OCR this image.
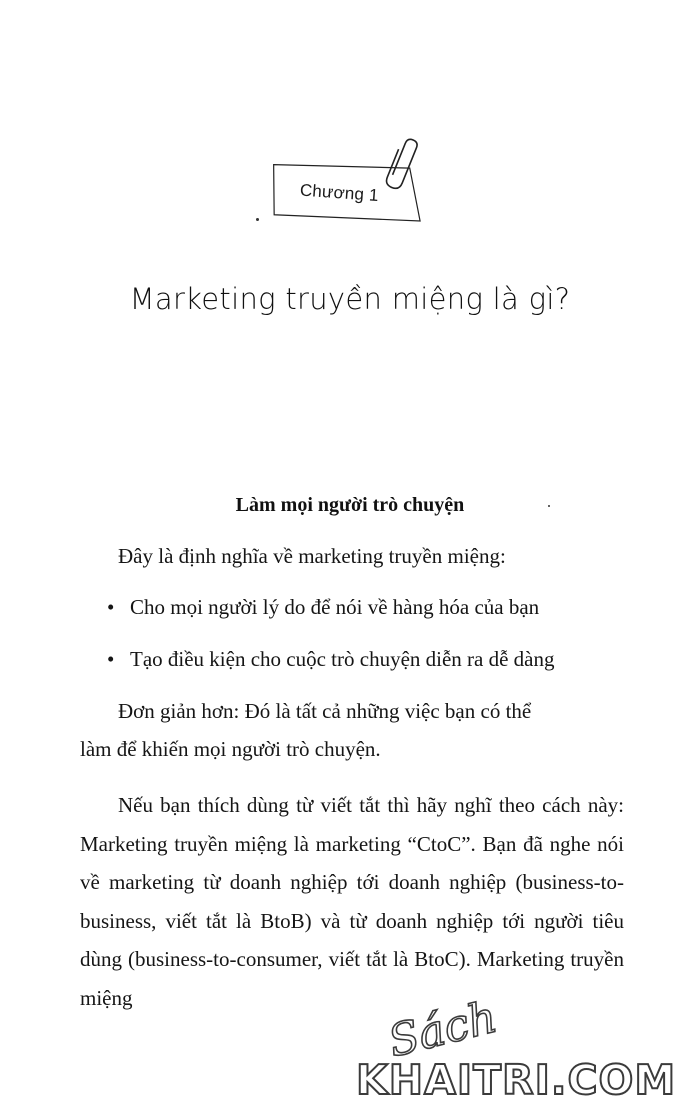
Chương 1
Marketing truyền miệng là gì?
Làm mọi người trò chuyện
Đây là định nghĩa về marketing truyền miệng:
• Cho mọi người lý do để nói về hàng hóa của bạn
• Tạo điều kiện cho cuộc trò chuyện diễn ra dễ dàng
Đơn giản hơn: Đó là tất cả những việc bạn có thể
làm để khiến mọi người trò chuyện.
Nếu bạn thích dùng từ viết tắt thì hãy nghĩ theo cách này: Marketing truyền miệng là marketing “CtoC”. Bạn đã nghe nói về marketing từ doanh nghiệp tới doanh nghiệp (business-to-business, viết tắt là BtoB) và từ doanh nghiệp tới người tiêu dùng (business-to-consumer, viết tắt là BtoC). Marketing truyền miệng	Sách
KHAITRI.COM
